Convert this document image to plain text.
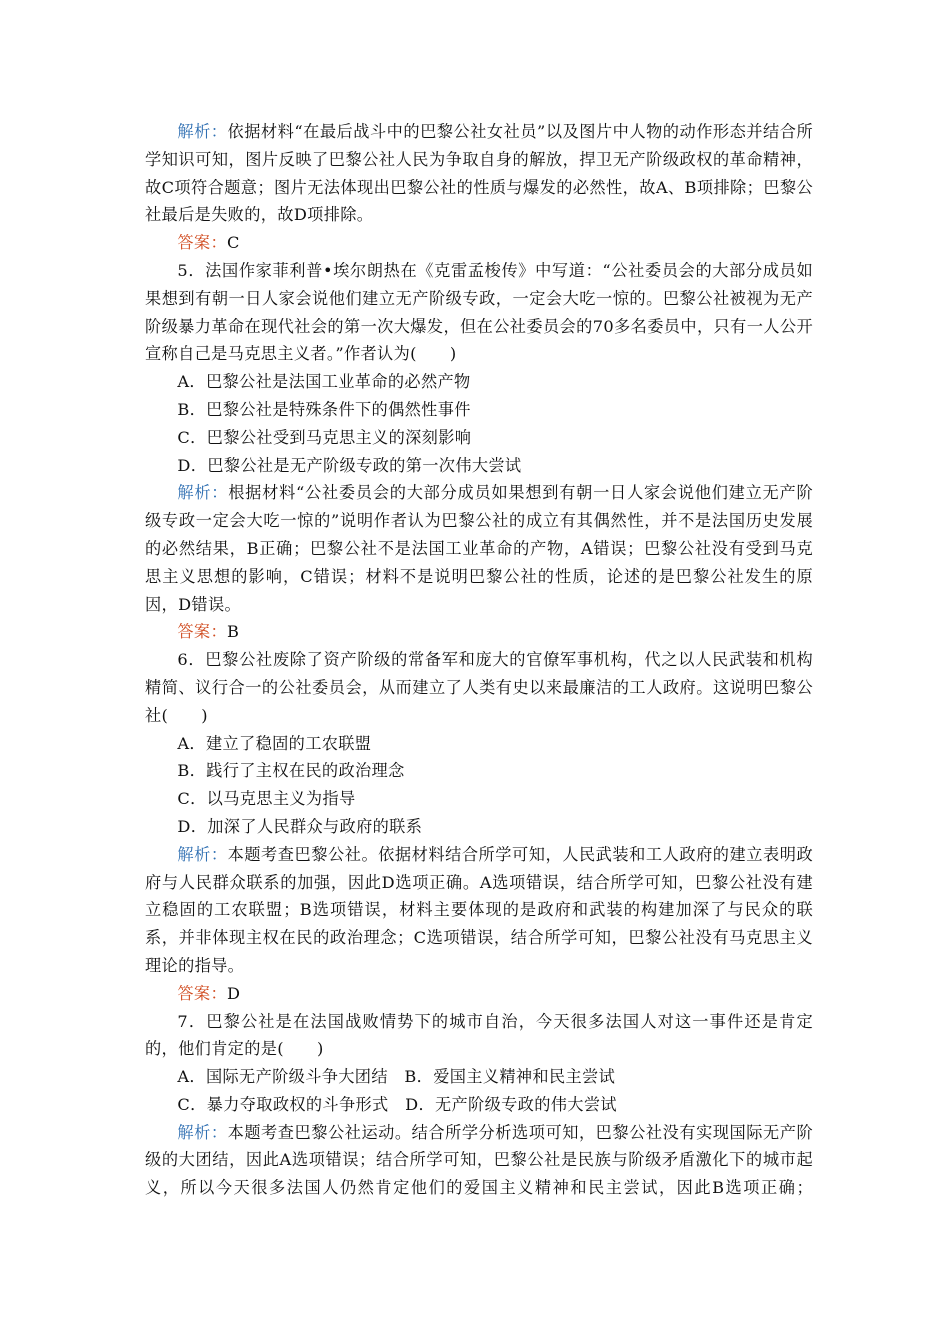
解析：依据材料“在最后战斗中的巴黎公社女社员”以及图片中人物的动作形态并结合所学知识可知，图片反映了巴黎公社人民为争取自身的解放，捍卫无产阶级政权的革命精神，故C项符合题意；图片无法体现出巴黎公社的性质与爆发的必然性，故A、B项排除；巴黎公社最后是失败的，故D项排除。

答案：C

5．法国作家菲利普•埃尔朗热在《克雷孟梭传》中写道：“公社委员会的大部分成员如果想到有朝一日人家会说他们建立无产阶级专政，一定会大吃一惊的。巴黎公社被视为无产阶级暴力革命在现代社会的第一次大爆发，但在公社委员会的70多名委员中，只有一人公开宣称自己是马克思主义者。”作者认为(　　)

A．巴黎公社是法国工业革命的必然产物

B．巴黎公社是特殊条件下的偶然性事件

C．巴黎公社受到马克思主义的深刻影响

D．巴黎公社是无产阶级专政的第一次伟大尝试

解析：根据材料“公社委员会的大部分成员如果想到有朝一日人家会说他们建立无产阶级专政一定会大吃一惊的”说明作者认为巴黎公社的成立有其偶然性，并不是法国历史发展的必然结果，B正确；巴黎公社不是法国工业革命的产物，A错误；巴黎公社没有受到马克思主义思想的影响，C错误；材料不是说明巴黎公社的性质，论述的是巴黎公社发生的原因，D错误。

答案：B

6．巴黎公社废除了资产阶级的常备军和庞大的官僚军事机构，代之以人民武装和机构精简、议行合一的公社委员会，从而建立了人类有史以来最廉洁的工人政府。这说明巴黎公社(　　)

A．建立了稳固的工农联盟

B．践行了主权在民的政治理念

C．以马克思主义为指导

D．加深了人民群众与政府的联系

解析：本题考查巴黎公社。依据材料结合所学可知，人民武装和工人政府的建立表明政府与人民群众联系的加强，因此D选项正确。A选项错误，结合所学可知，巴黎公社没有建立稳固的工农联盟；B选项错误，材料主要体现的是政府和武装的构建加深了与民众的联系，并非体现主权在民的政治理念；C选项错误，结合所学可知，巴黎公社没有马克思主义理论的指导。

答案：D

7．巴黎公社是在法国战败情势下的城市自治，今天很多法国人对这一事件还是肯定的，他们肯定的是(　　)

A．国际无产阶级斗争大团结　B．爱国主义精神和民主尝试

C．暴力夺取政权的斗争形式　D．无产阶级专政的伟大尝试

解析：本题考查巴黎公社运动。结合所学分析选项可知，巴黎公社没有实现国际无产阶级的大团结，因此A选项错误；结合所学可知，巴黎公社是民族与阶级矛盾激化下的城市起义，所以今天很多法国人仍然肯定他们的爱国主义精神和民主尝试，因此B选项正确；
